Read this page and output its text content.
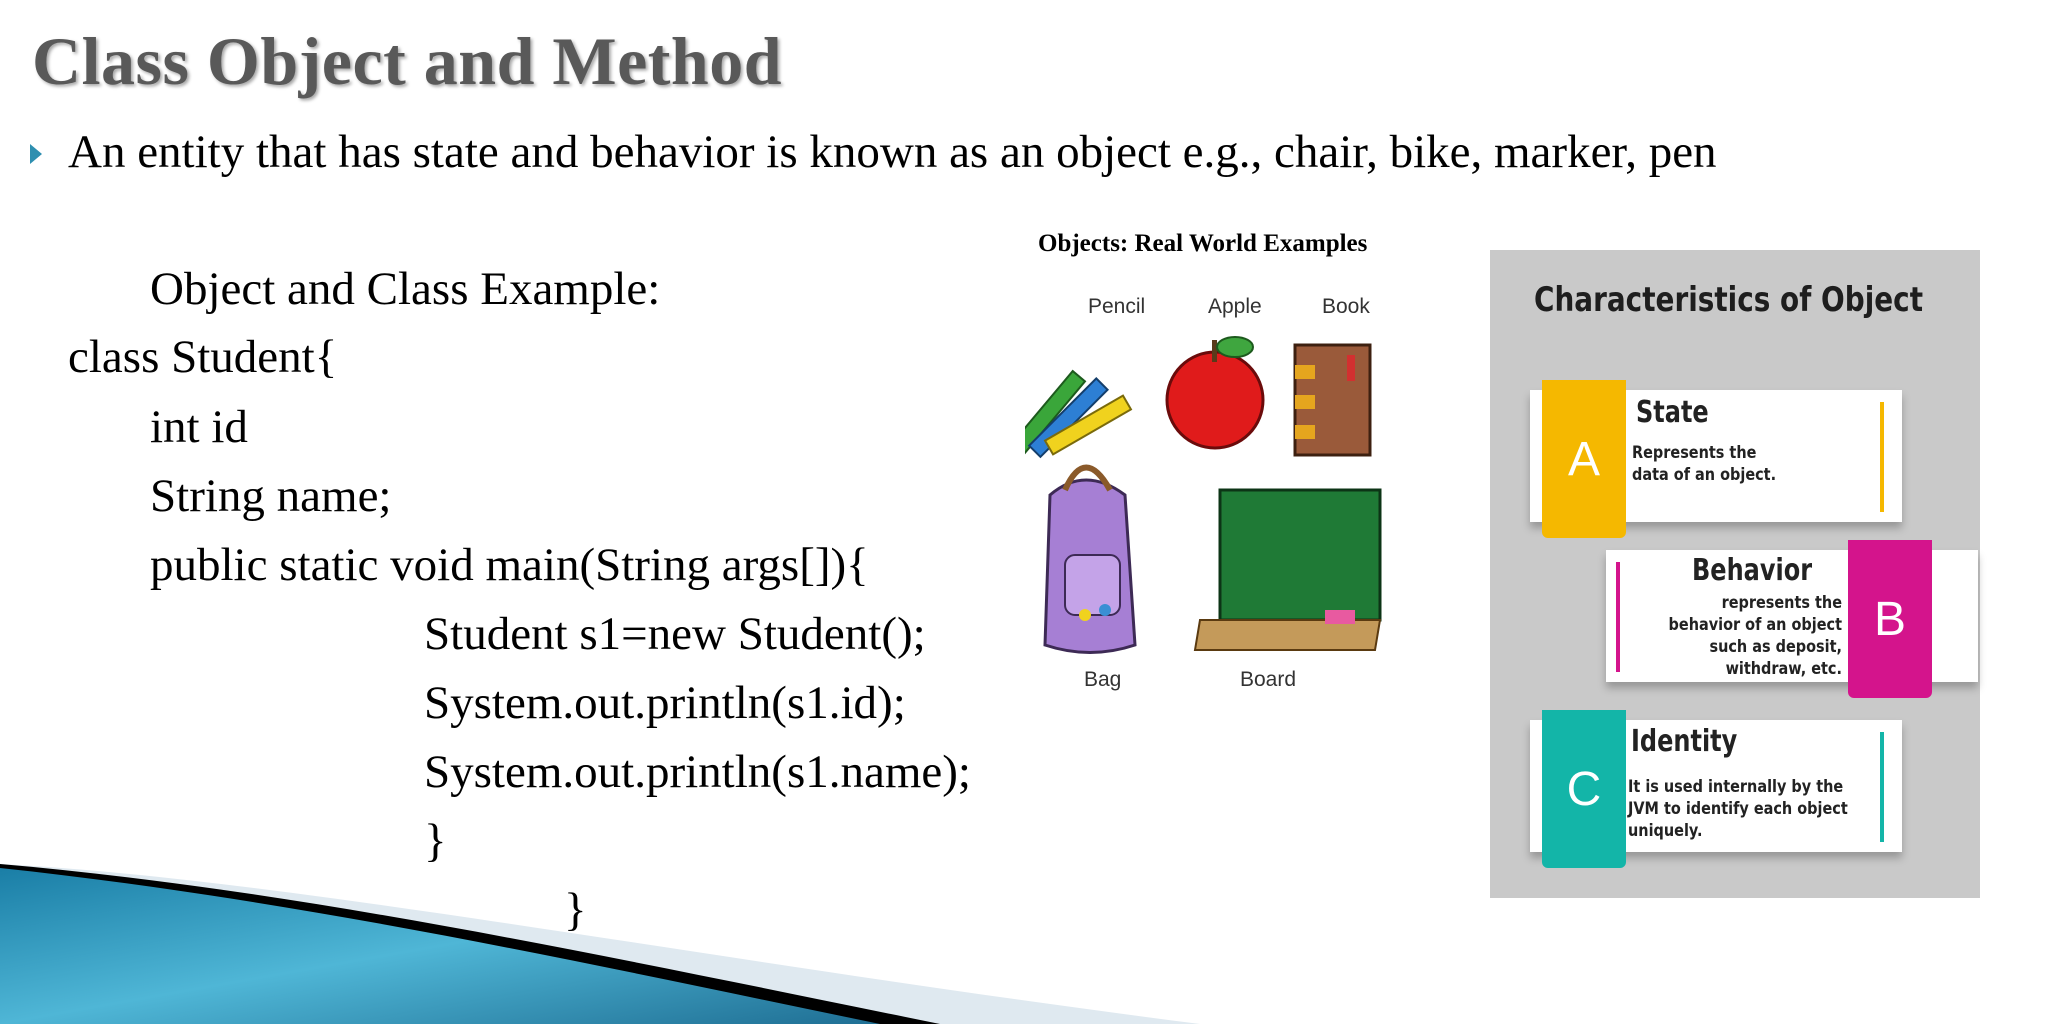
Class Object and Method
An entity that has state and behavior is known as an object e.g., chair, bike, marker, pen
Object and Class Example:
class Student{
int id
String name;
public static void main(String args[]){
Student s1=new Student();
System.out.println(s1.id);
System.out.println(s1.name);
}
}
Objects: Real World Examples
Pencil	Apple	Book
Bag	Board
Characteristics of Object
A
State
Represents the data of an object.
B
Behavior
represents the behavior of an object such as deposit, withdraw, etc.
C
Identity
It is used internally by the JVM to identify each object uniquely.
